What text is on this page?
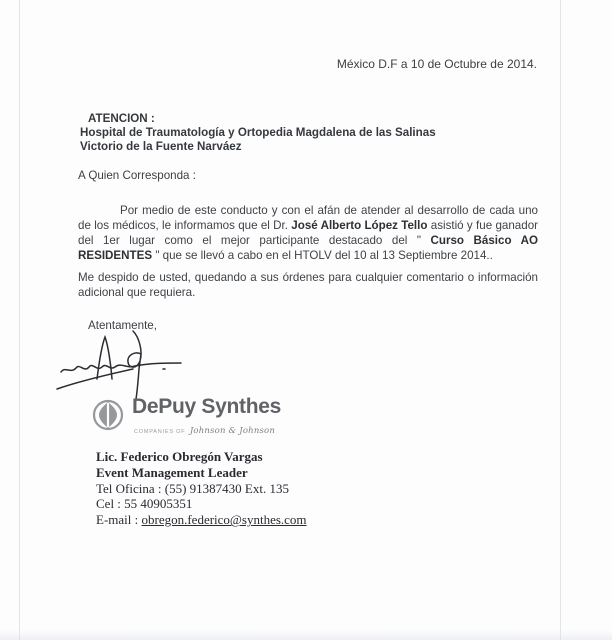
México D.F a 10 de Octubre de 2014.
ATENCION :
Hospital de Traumatología y Ortopedia Magdalena de las Salinas
Victorio de la Fuente Narváez
A Quien Corresponda :

Por medio de este conducto y con el afán de atender al desarrollo de cada uno de los médicos, le informamos que el Dr. José Alberto López Tello asistió y fue ganador del 1er lugar como el mejor participante destacado del " Curso Básico AO RESIDENTES " que se llevó a cabo en el HTOLV del 10 al 13 Septiembre 2014..

Me despido de usted, quedando a sus órdenes para cualquier comentario o información adicional que requiera.

Atentamente,
DePuy Synthes
COMPANIES OF Johnson & Johnson
Lic. Federico Obregón Vargas
Event Management Leader
Tel Oficina : (55) 91387430 Ext. 135
Cel : 55 40905351
E-mail : obregon.federico@synthes.com
